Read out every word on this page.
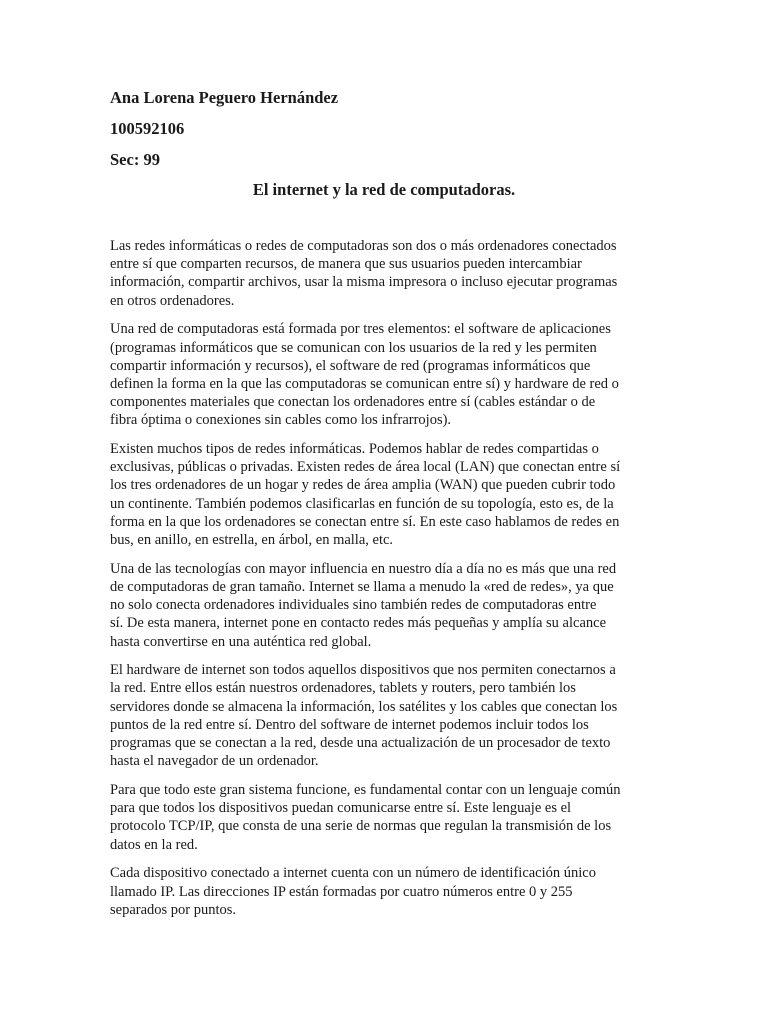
Ana Lorena Peguero Hernández
100592106
Sec: 99
El internet y la red de computadoras.

Las redes informáticas o redes de computadoras son dos o más ordenadores conectados
entre sí que comparten recursos, de manera que sus usuarios pueden intercambiar
información, compartir archivos, usar la misma impresora o incluso ejecutar programas
en otros ordenadores.

Una red de computadoras está formada por tres elementos: el software de aplicaciones
(programas informáticos que se comunican con los usuarios de la red y les permiten
compartir información y recursos), el software de red (programas informáticos que
definen la forma en la que las computadoras se comunican entre sí) y hardware de red o
componentes materiales que conectan los ordenadores entre sí (cables estándar o de
fibra óptima o conexiones sin cables como los infrarrojos).

Existen muchos tipos de redes informáticas. Podemos hablar de redes compartidas o
exclusivas, públicas o privadas. Existen redes de área local (LAN) que conectan entre sí
los tres ordenadores de un hogar y redes de área amplia (WAN) que pueden cubrir todo
un continente. También podemos clasificarlas en función de su topología, esto es, de la
forma en la que los ordenadores se conectan entre sí. En este caso hablamos de redes en
bus, en anillo, en estrella, en árbol, en malla, etc.

Una de las tecnologías con mayor influencia en nuestro día a día no es más que una red
de computadoras de gran tamaño. Internet se llama a menudo la «red de redes», ya que
no solo conecta ordenadores individuales sino también redes de computadoras entre
sí. De esta manera, internet pone en contacto redes más pequeñas y amplía su alcance
hasta convertirse en una auténtica red global.

El hardware de internet son todos aquellos dispositivos que nos permiten conectarnos a
la red. Entre ellos están nuestros ordenadores, tablets y routers, pero también los
servidores donde se almacena la información, los satélites y los cables que conectan los
puntos de la red entre sí. Dentro del software de internet podemos incluir todos los
programas que se conectan a la red, desde una actualización de un procesador de texto
hasta el navegador de un ordenador.

Para que todo este gran sistema funcione, es fundamental contar con un lenguaje común
para que todos los dispositivos puedan comunicarse entre sí. Este lenguaje es el
protocolo TCP/IP, que consta de una serie de normas que regulan la transmisión de los
datos en la red.

Cada dispositivo conectado a internet cuenta con un número de identificación único
llamado IP. Las direcciones IP están formadas por cuatro números entre 0 y 255
separados por puntos.
